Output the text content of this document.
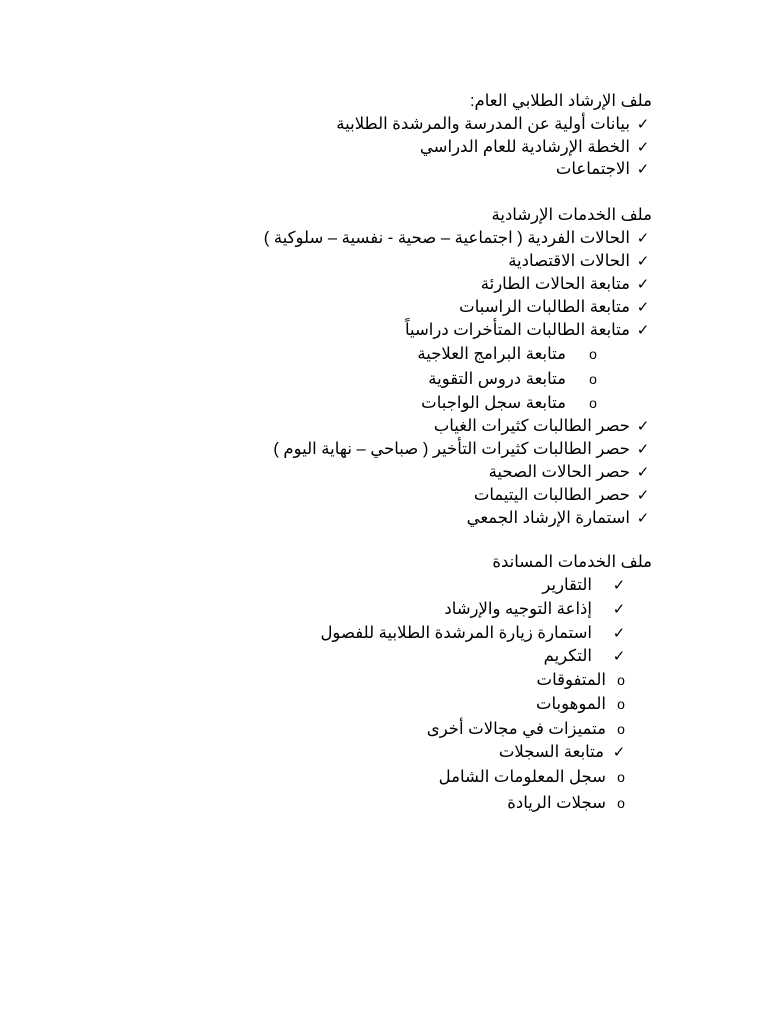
ملف الإرشاد الطلابي العام:
✓بيانات أولية عن المدرسة والمرشدة الطلابية
✓الخطة الإرشادية للعام الدراسي
✓الاجتماعات
ملف الخدمات الإرشادية
✓الحالات الفردية ( اجتماعية – صحية - نفسية – سلوكية )
✓الحالات الاقتصادية
✓متابعة الحالات الطارئة
✓متابعة الطالبات الراسبات
✓متابعة الطالبات المتأخرات دراسياً
oمتابعة البرامج العلاجية
oمتابعة دروس التقوية
oمتابعة سجل الواجبات
✓حصر الطالبات كثيرات الغياب
✓حصر الطالبات كثيرات التأخير ( صباحي – نهاية اليوم )
✓حصر الحالات الصحية
✓حصر الطالبات اليتيمات
✓استمارة الإرشاد الجمعي
ملف الخدمات المساندة
✓التقارير
✓إذاعة التوجيه والإرشاد
✓استمارة زيارة المرشدة الطلابية للفصول
✓التكريم
oالمتفوقات
oالموهوبات
oمتميزات في مجالات أخرى
✓متابعة السجلات
oسجل المعلومات الشامل
oسجلات الريادة
